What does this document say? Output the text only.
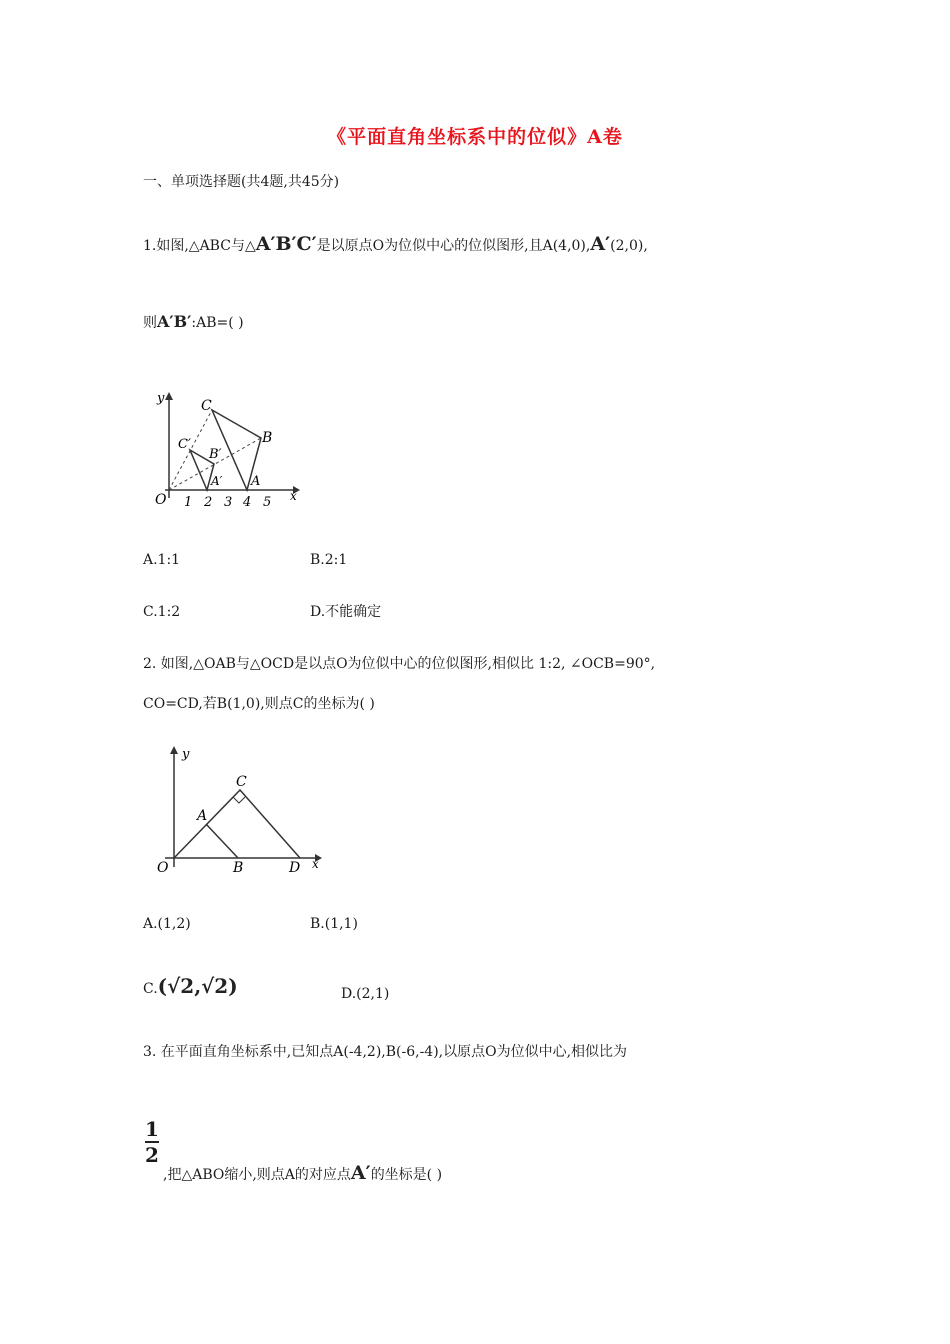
《平面直角坐标系中的位似》A卷
一、单项选择题(共4题,共45分)
1.如图,△ABC与△A′B′C′是以原点O为位似中心的位似图形,且A(4,0),A′(2,0),
则A′B′:AB=( )
y
x
O
C
B
C′
B′
A′ A
1 2 3 4 5
A.1:1	B.2:1
C.1:2	D.不能确定
2. 如图,△OAB与△OCD是以点O为位似中心的位似图形,相似比 1:2, ∠OCB=90°,
CO=CD,若B(1,0),则点C的坐标为( )
y
x
O
A
B
C
D
A.(1,2)	B.(1,1)
C.(√2,√2)	D.(2,1)
3. 在平面直角坐标系中,已知点A(-4,2),B(-6,-4),以原点O为位似中心,相似比为
$\frac{1}{2}$
,把△ABO缩小,则点A的对应点A′的坐标是( )
